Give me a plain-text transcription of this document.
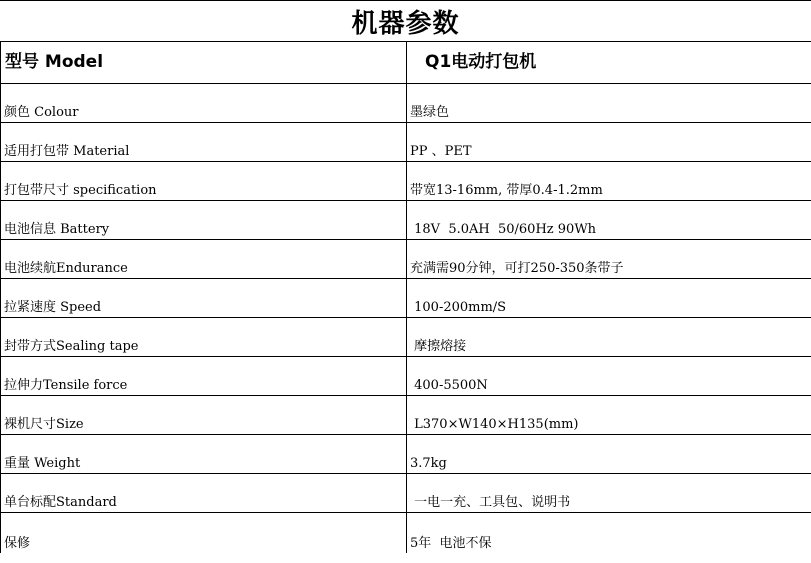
机器参数
型号 Model	Q1电动打包机
颜色 Colour	墨绿色
适用打包带 Material	PP 、PET
打包带尺寸 specification	带宽13-16mm, 带厚0.4-1.2mm
电池信息 Battery	18V  5.0AH  50/60Hz 90Wh
电池续航Endurance	充满需90分钟，可打250-350条带子
拉紧速度 Speed	100-200mm/S
封带方式Sealing tape	摩擦熔接
拉伸力Tensile force	400-5500N
裸机尺寸Size	L370×W140×H135(mm)
重量 Weight	3.7kg
单台标配Standard	一电一充、工具包、说明书
保修	5年  电池不保
